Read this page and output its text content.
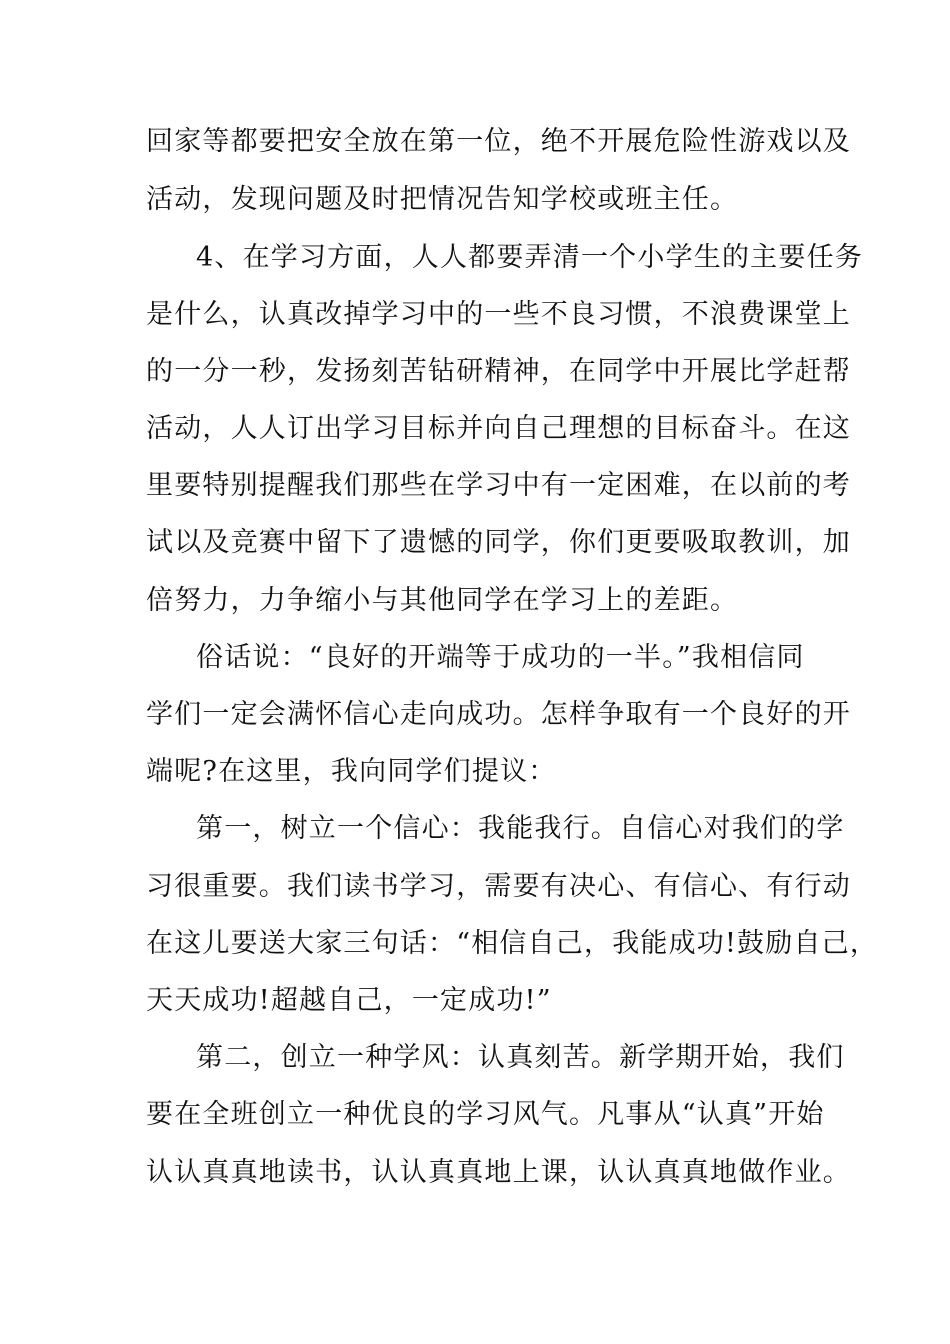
回家等都要把安全放在第一位，绝不开展危险性游戏以及
活动，发现问题及时把情况告知学校或班主任。
4、在学习方面，人人都要弄清一个小学生的主要任务
是什么，认真改掉学习中的一些不良习惯，不浪费课堂上
的一分一秒，发扬刻苦钻研精神，在同学中开展比学赶帮
活动，人人订出学习目标并向自己理想的目标奋斗。在这
里要特别提醒我们那些在学习中有一定困难，在以前的考
试以及竞赛中留下了遗憾的同学，你们更要吸取教训，加
倍努力，力争缩小与其他同学在学习上的差距。
俗话说：“良好的开端等于成功的一半。”我相信同
学们一定会满怀信心走向成功。怎样争取有一个良好的开
端呢?在这里，我向同学们提议：
第一，树立一个信心：我能我行。自信心对我们的学
习很重要。我们读书学习，需要有决心、有信心、有行动
在这儿要送大家三句话：“相信自己，我能成功!鼓励自己，
天天成功!超越自己，一定成功!”
第二，创立一种学风：认真刻苦。新学期开始，我们
要在全班创立一种优良的学习风气。凡事从“认真”开始
认认真真地读书，认认真真地上课，认认真真地做作业。
